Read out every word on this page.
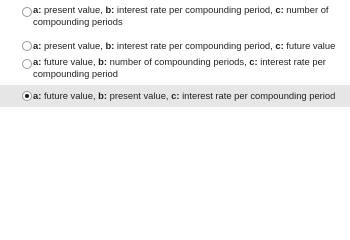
a: present value, b: interest rate per compounding period, c: number of compounding periods
a: present value, b: interest rate per compounding period, c: future value
a: future value, b: number of compounding periods, c: interest rate per compounding period
a: future value, b: present value, c: interest rate per compounding period
